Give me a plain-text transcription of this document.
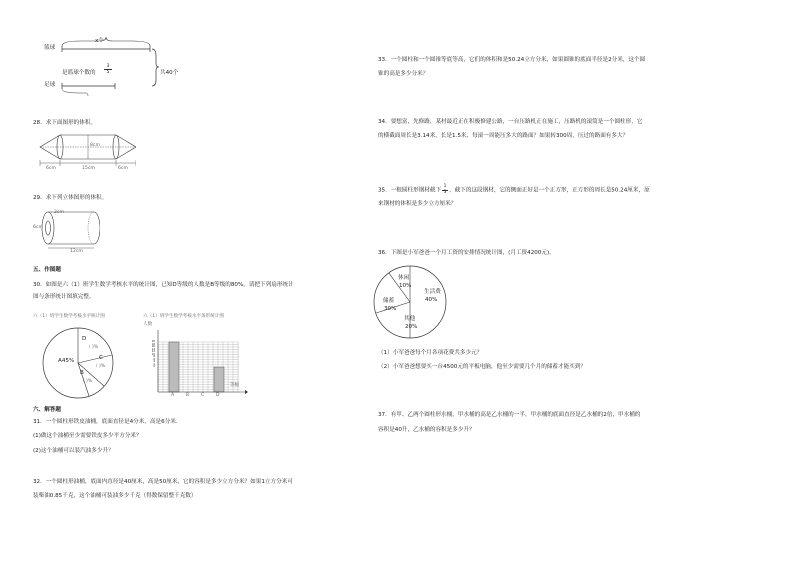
x个
篮球
足球
是篮球个数的
3
5	共40个
28．求下面图形的体积。
8cm
6cm	15cm	6cm
29．求下列立体图形的体积。
2cm
6cm
12cm
五、作图题
30．如图是六（1）班学生数学考核水平的统计图，已知D等级的人数是B等级的80%。请把下列扇形统计
图与条形统计图填完整。
六（1）班学生数学考核水平统计图	六（1）班学生数学考核水平条形统计图
A45%
D
（ )%
C
（ )%
B
（ )%
人数
20
18
16
14
12
10
8
6
4
2
0
等级
A	B	C	D
六、解答题
31．一个圆柱形铁皮油桶，底面直径是4分米，高是6分米.
(1)做这个油桶至少需要铁皮多少平方分米？
(2)这个油桶可以装汽油多少升？
32．一个圆柱形油桶，底面内直径是40厘米，高是50厘米，它的容积是多少立方分米？如果1立方分米可
装柴油0.85千克，这个油桶可装油多少千克（得数保留整千克数）
33．一个圆柱和一个圆锥等底等高，它们的体积和是50.24立方分米，如果圆锥的底面半径是2分米，这个圆
锥的高是多少分米？
34．要想富，先修路，某村最近正在积极修建公路，一台压路机正在施工，压路机的滚筒是一个圆柱形，它
的横截面周长是3.14米，长是1.5米，每滚一周能压多大的路面？如果转300周，压过的路面有多大？
35．一根圆柱形钢材截下 $\frac{1}{3}$ ，截下的这段钢材，它的侧面正好是一个正方形，正方形的周长是50.24厘米，原
来钢材的体积是多少立方厘米？
36．下图是小军爸爸一个月工资的安排情况统计图，(月工资4200元)。
生活费
40%
休闲
10%
储蓄
30%
其他
20%
（1）小军爸爸每个月各项花费共多少元？
（2）小军爸爸想要买一台4500元的平板电脑，他至少需要几个月的储蓄才能买到？
37．有甲、乙两个圆柱形水桶，甲水桶的高是乙水桶的一半，甲水桶的底面直径是乙水桶的2倍，甲水桶的
容积是40升，乙水桶的容积是多少升？
